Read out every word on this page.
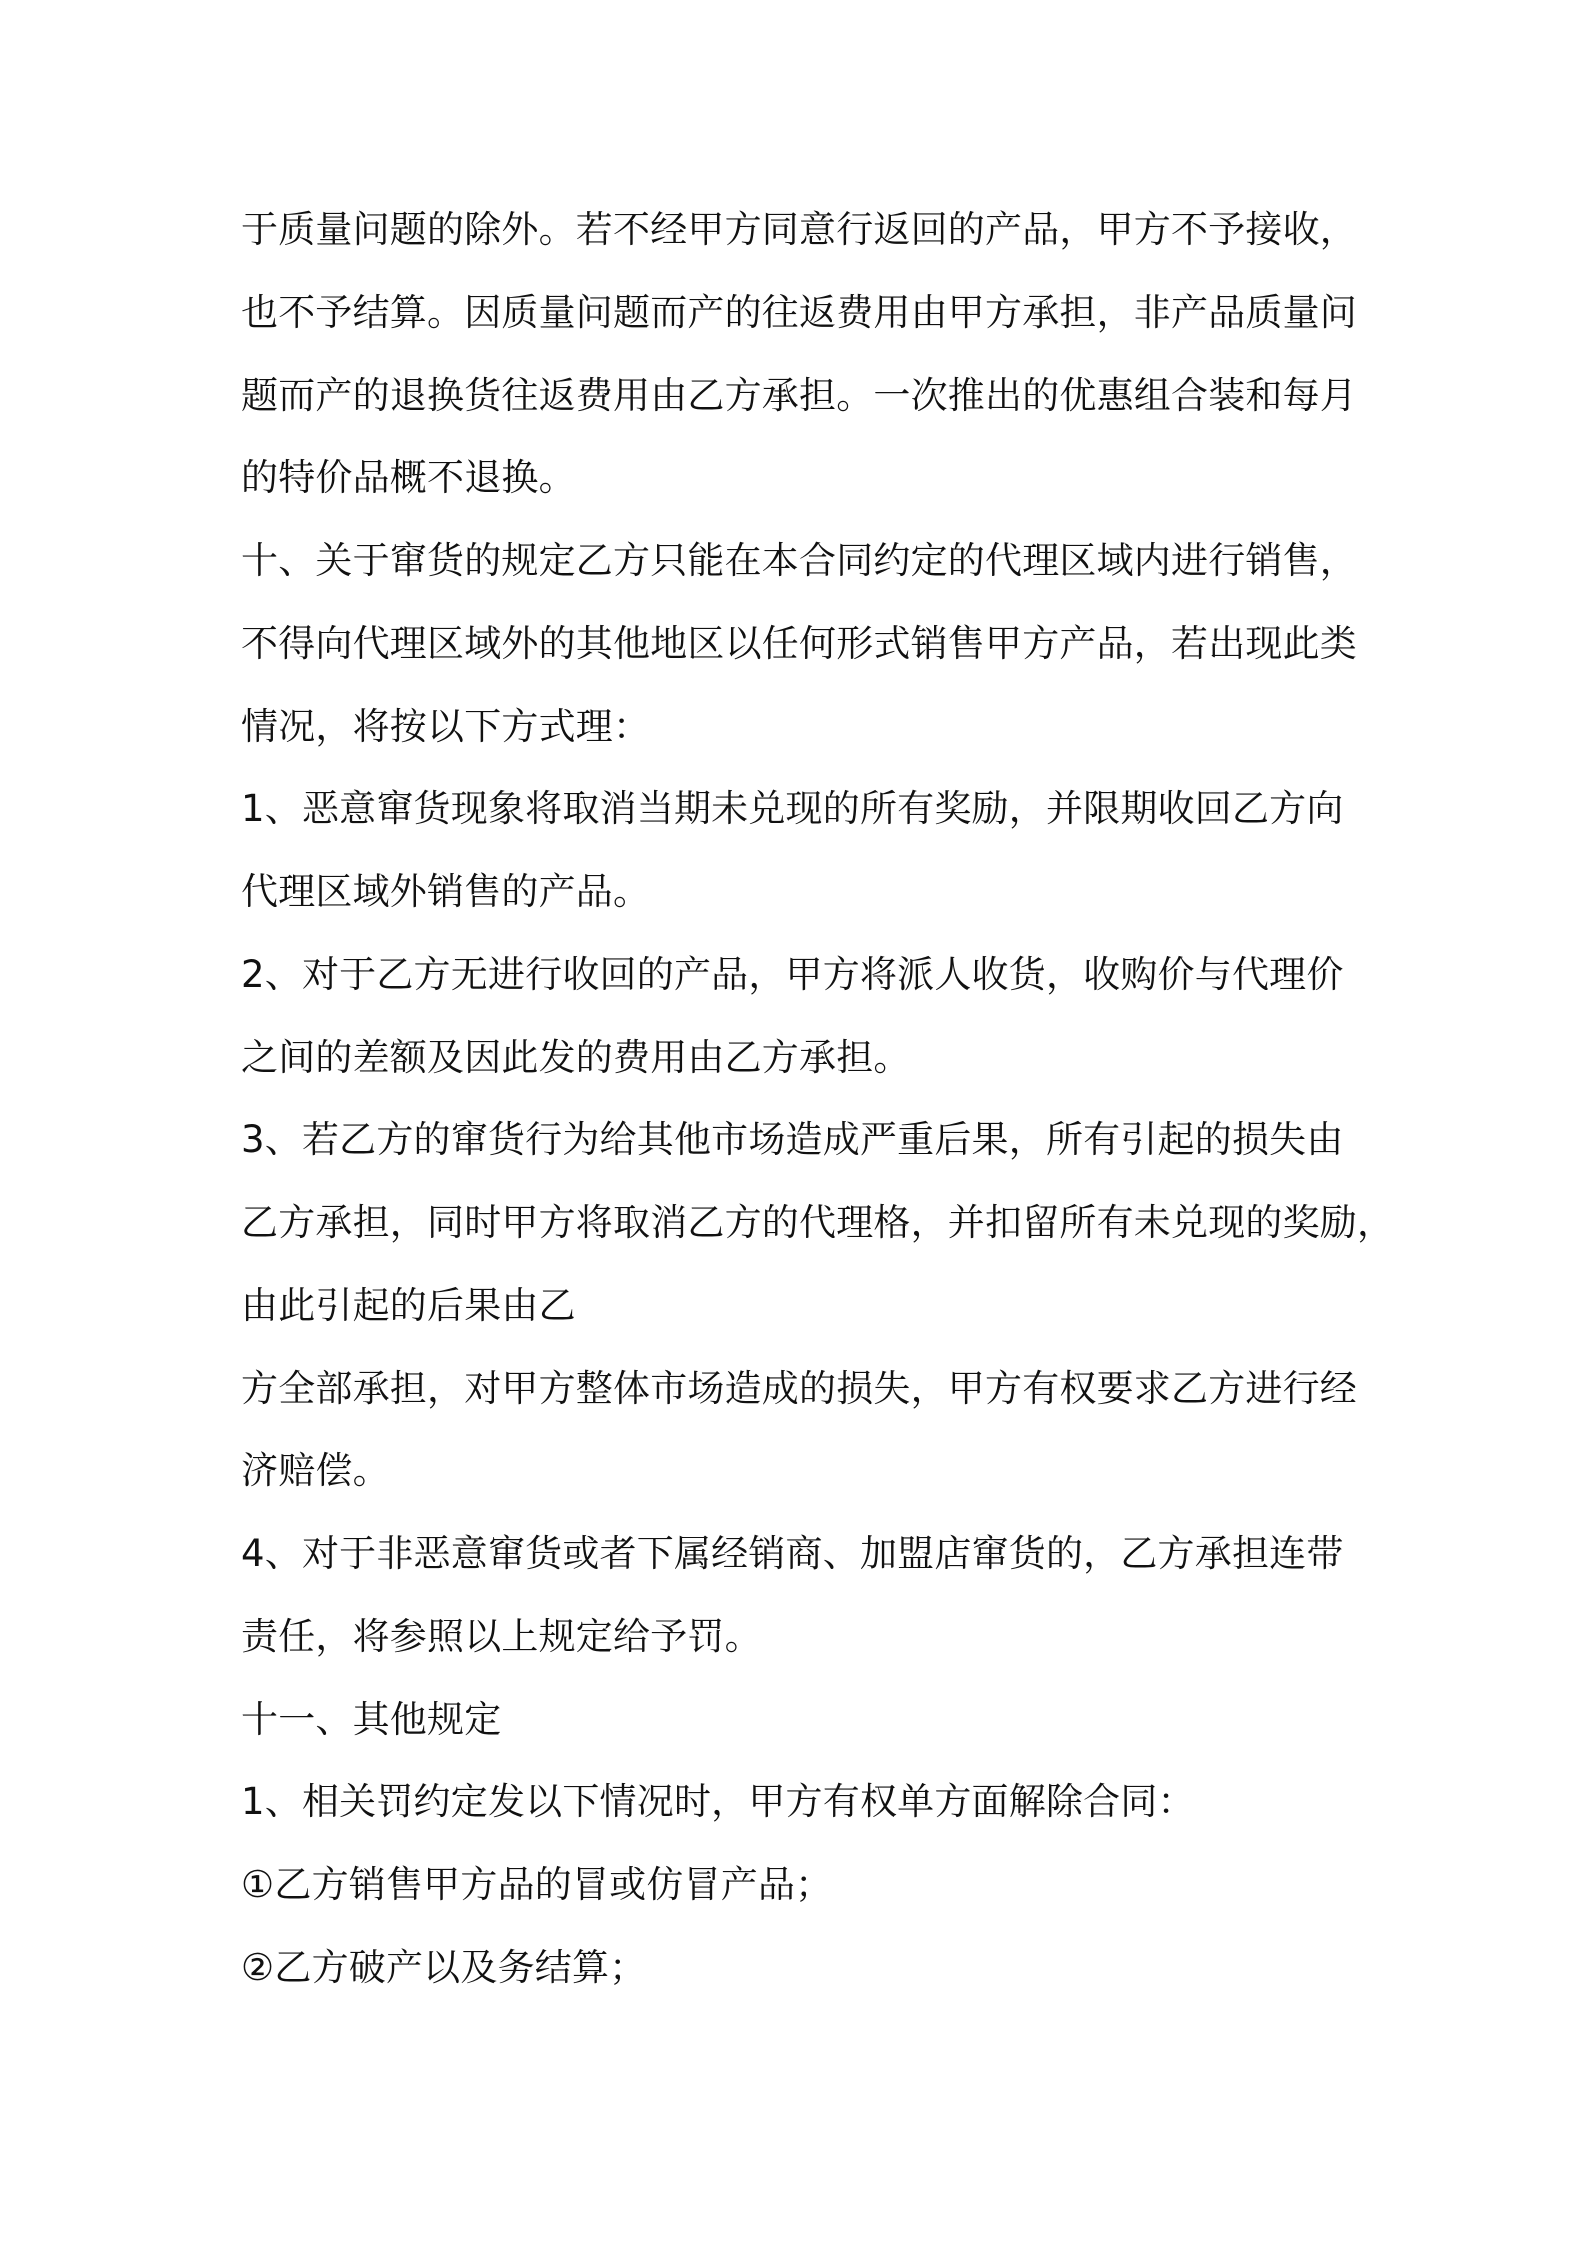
于质量问题的除外。若不经甲方同意行返回的产品，甲方不予接收，
也不予结算。因质量问题而产的往返费用由甲方承担，非产品质量问
题而产的退换货往返费用由乙方承担。一次推出的优惠组合装和每月
的特价品概不退换。
十、关于窜货的规定乙方只能在本合同约定的代理区域内进行销售，
不得向代理区域外的其他地区以任何形式销售甲方产品，若出现此类
情况，将按以下方式理：
1、恶意窜货现象将取消当期未兑现的所有奖励，并限期收回乙方向
代理区域外销售的产品。
2、对于乙方无进行收回的产品，甲方将派人收货，收购价与代理价
之间的差额及因此发的费用由乙方承担。
3、若乙方的窜货行为给其他市场造成严重后果，所有引起的损失由
乙方承担，同时甲方将取消乙方的代理格，并扣留所有未兑现的奖励，
由此引起的后果由乙
方全部承担，对甲方整体市场造成的损失，甲方有权要求乙方进行经
济赔偿。
4、对于非恶意窜货或者下属经销商、加盟店窜货的，乙方承担连带
责任，将参照以上规定给予罚。
十一、其他规定
1、相关罚约定发以下情况时，甲方有权单方面解除合同：
①乙方销售甲方品的冒或仿冒产品；
②乙方破产以及务结算；
